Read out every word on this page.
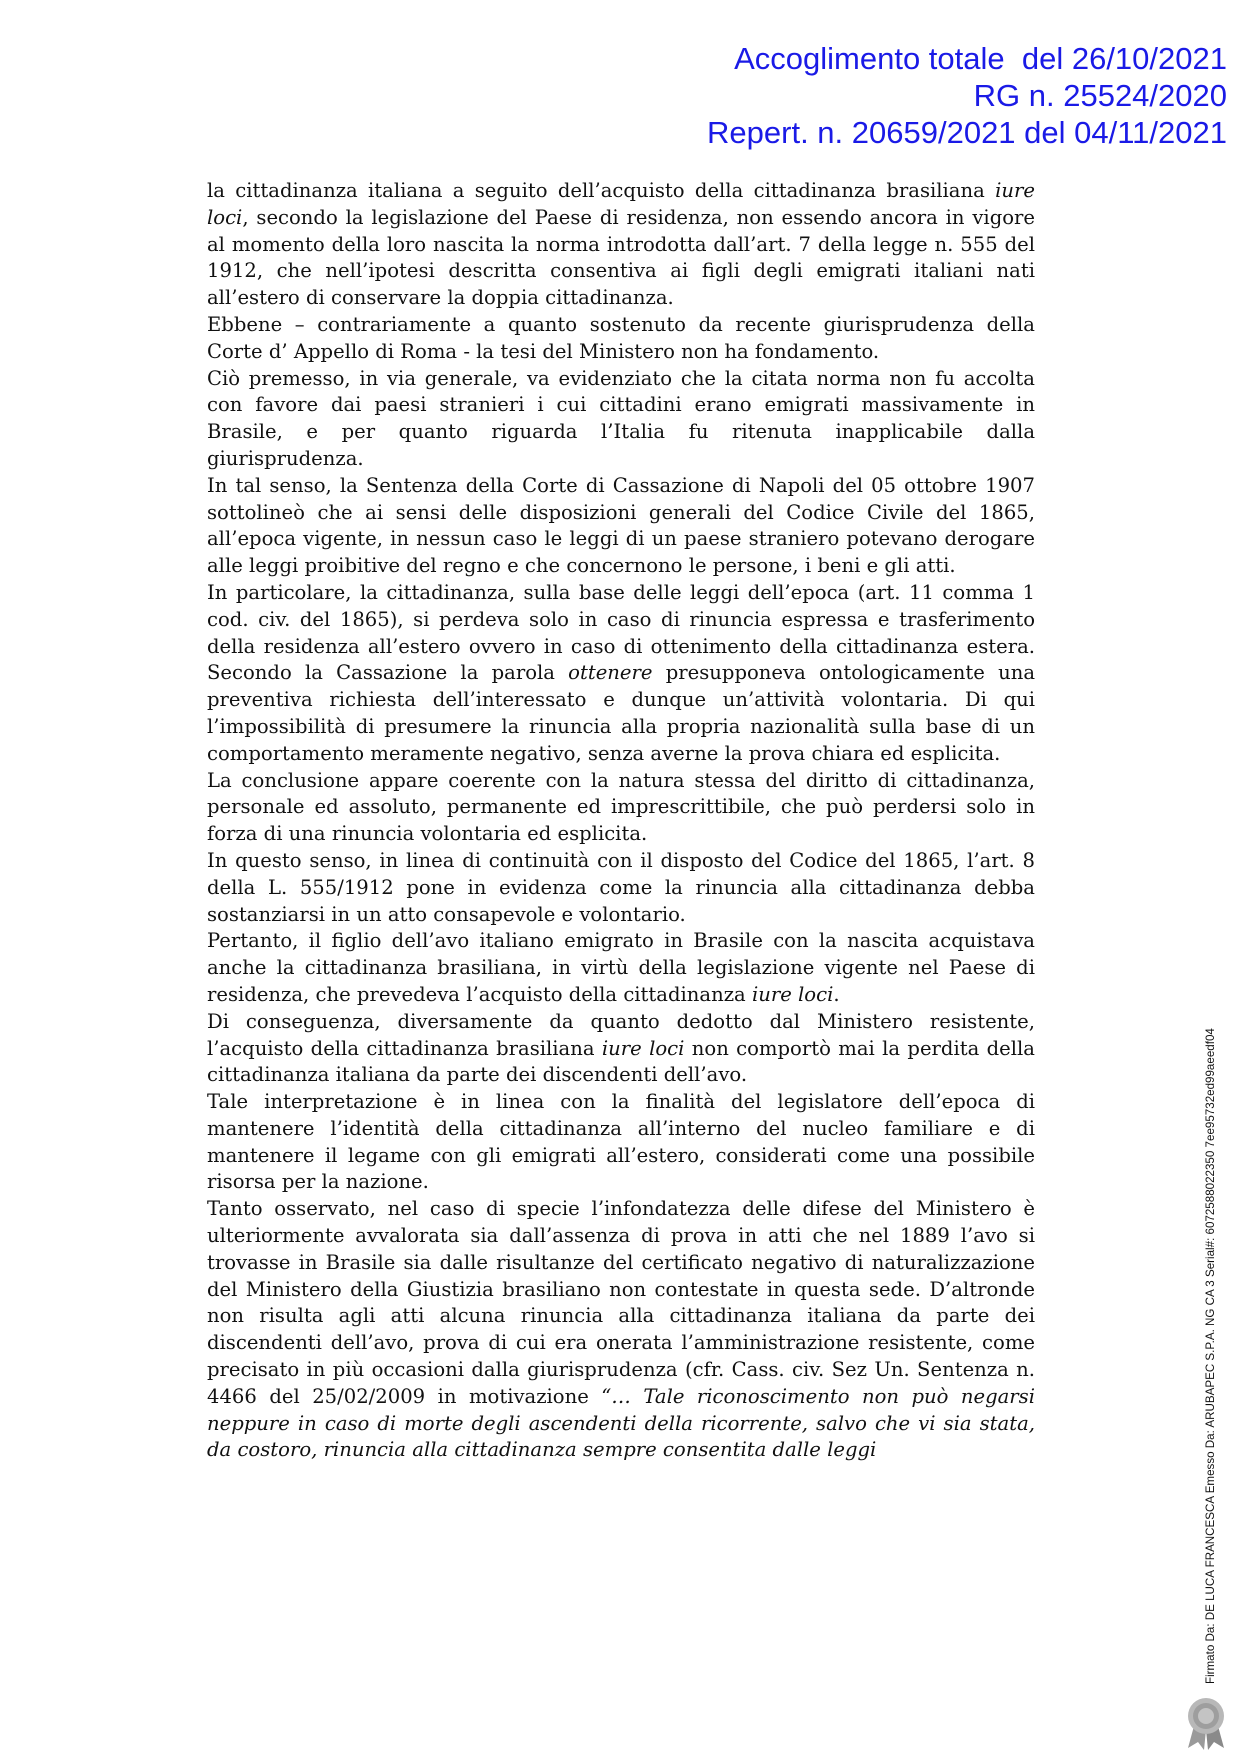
Accoglimento totale  del 26/10/2021
RG n. 25524/2020
Repert. n. 20659/2021 del 04/11/2021

la cittadinanza italiana a seguito dell’acquisto della cittadinanza brasiliana iure loci, secondo la legislazione del Paese di residenza, non essendo ancora in vigore al momento della loro nascita la norma introdotta dall’art. 7 della legge n. 555 del 1912, che nell’ipotesi descritta consentiva ai figli degli emigrati italiani nati all’estero di conservare la doppia cittadinanza.

Ebbene – contrariamente a quanto sostenuto da recente giurisprudenza della Corte d’ Appello di Roma - la tesi del Ministero non ha fondamento.

Ciò premesso, in via generale, va evidenziato che la citata norma non fu accolta con favore dai paesi stranieri i cui cittadini erano emigrati massivamente in Brasile, e per quanto riguarda l’Italia fu ritenuta inapplicabile dalla giurisprudenza.

In tal senso, la Sentenza della Corte di Cassazione di Napoli del 05 ottobre 1907 sottolineò che ai sensi delle disposizioni generali del Codice Civile del 1865, all’epoca vigente, in nessun caso le leggi di un paese straniero potevano derogare alle leggi proibitive del regno e che concernono le persone, i beni e gli atti.

In particolare, la cittadinanza, sulla base delle leggi dell’epoca (art. 11 comma 1 cod. civ. del 1865), si perdeva solo in caso di rinuncia espressa e trasferimento della residenza all’estero ovvero in caso di ottenimento della cittadinanza estera. Secondo la Cassazione la parola ottenere presupponeva ontologicamente una preventiva richiesta dell’interessato e dunque un’attività volontaria. Di qui l’impossibilità di presumere la rinuncia alla propria nazionalità sulla base di un comportamento meramente negativo, senza averne la prova chiara ed esplicita.

La conclusione appare coerente con la natura stessa del diritto di cittadinanza, personale ed assoluto, permanente ed imprescrittibile, che può perdersi solo in forza di una rinuncia volontaria ed esplicita.

In questo senso, in linea di continuità con il disposto del Codice del 1865, l’art. 8 della L. 555/1912 pone in evidenza come la rinuncia alla cittadinanza debba sostanziarsi in un atto consapevole e volontario.

Pertanto, il figlio dell’avo italiano emigrato in Brasile con la nascita acquistava anche la cittadinanza brasiliana, in virtù della legislazione vigente nel Paese di residenza, che prevedeva l’acquisto della cittadinanza iure loci.

Di conseguenza, diversamente da quanto dedotto dal Ministero resistente, l’acquisto della cittadinanza brasiliana iure loci non comportò mai la perdita della cittadinanza italiana da parte dei discendenti dell’avo.

Tale interpretazione è in linea con la finalità del legislatore dell’epoca di mantenere l’identità della cittadinanza all’interno del nucleo familiare e di mantenere il legame con gli emigrati all’estero, considerati come una possibile risorsa per la nazione.

Tanto osservato, nel caso di specie l’infondatezza delle difese del Ministero è ulteriormente avvalorata sia dall’assenza di prova in atti che nel 1889 l’avo si trovasse in Brasile sia dalle risultanze del certificato negativo di naturalizzazione del Ministero della Giustizia brasiliano non contestate in questa sede. D’altronde non risulta agli atti alcuna rinuncia alla cittadinanza italiana da parte dei discendenti dell’avo, prova di cui era onerata l’amministrazione resistente, come precisato in più occasioni dalla giurisprudenza (cfr. Cass. civ. Sez Un. Sentenza n. 4466 del 25/02/2009 in motivazione “… Tale riconoscimento non può negarsi neppure in caso di morte degli ascendenti della ricorrente, salvo che vi sia stata, da costoro, rinuncia alla cittadinanza sempre consentita dalle leggi	Firmato Da: DE LUCA FRANCESCA Emesso Da: ARUBAPEC S.P.A. NG CA 3 Serial#: 6072588022350 7ee95732ed99aeedf04
